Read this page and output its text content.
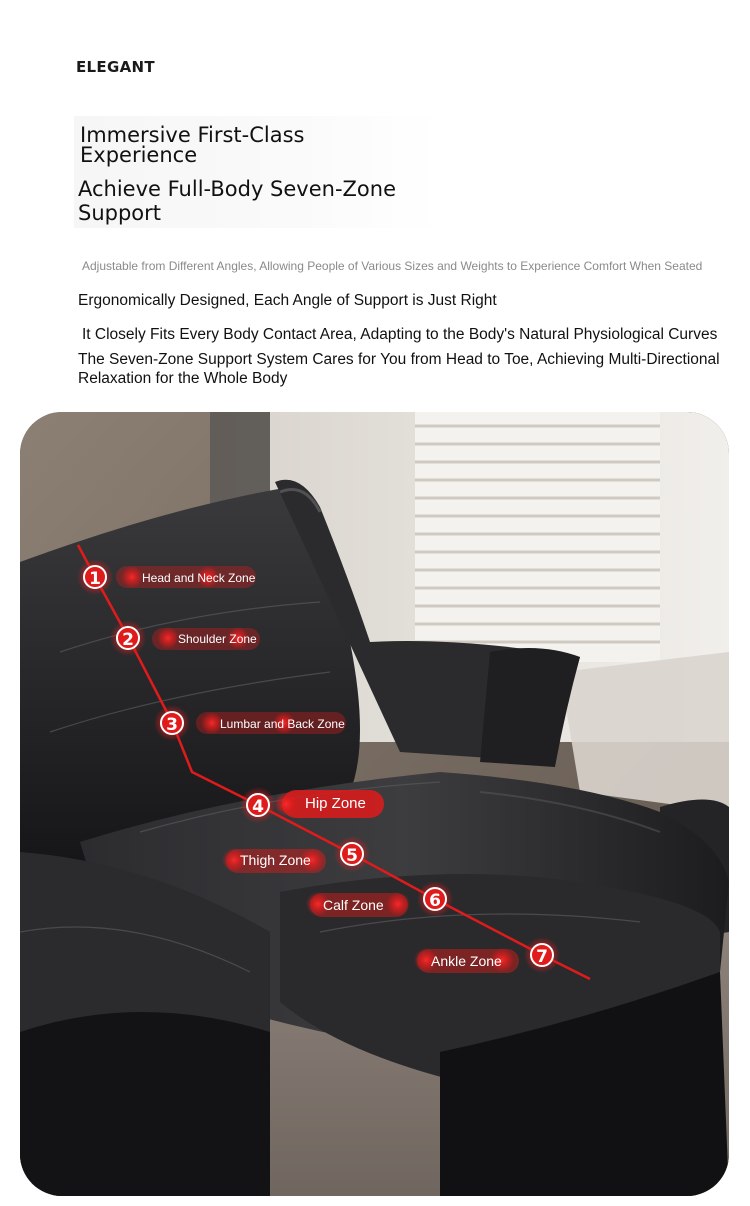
ELEGANT
Immersive First-Class Experience
Achieve Full-Body Seven-Zone Support
Adjustable from Different Angles, Allowing People of Various Sizes and Weights to Experience Comfort When Seated
Ergonomically Designed, Each Angle of Support is Just Right
It Closely Fits Every Body Contact Area, Adapting to the Body's Natural Physiological Curves
The Seven-Zone Support System Cares for You from Head to Toe, Achieving Multi-Directional Relaxation for the Whole Body
1
2
3
4
5
6
7
Head and Neck Zone
Shoulder Zone
Lumbar and Back Zone
Hip Zone
Thigh Zone
Calf Zone
Ankle Zone
